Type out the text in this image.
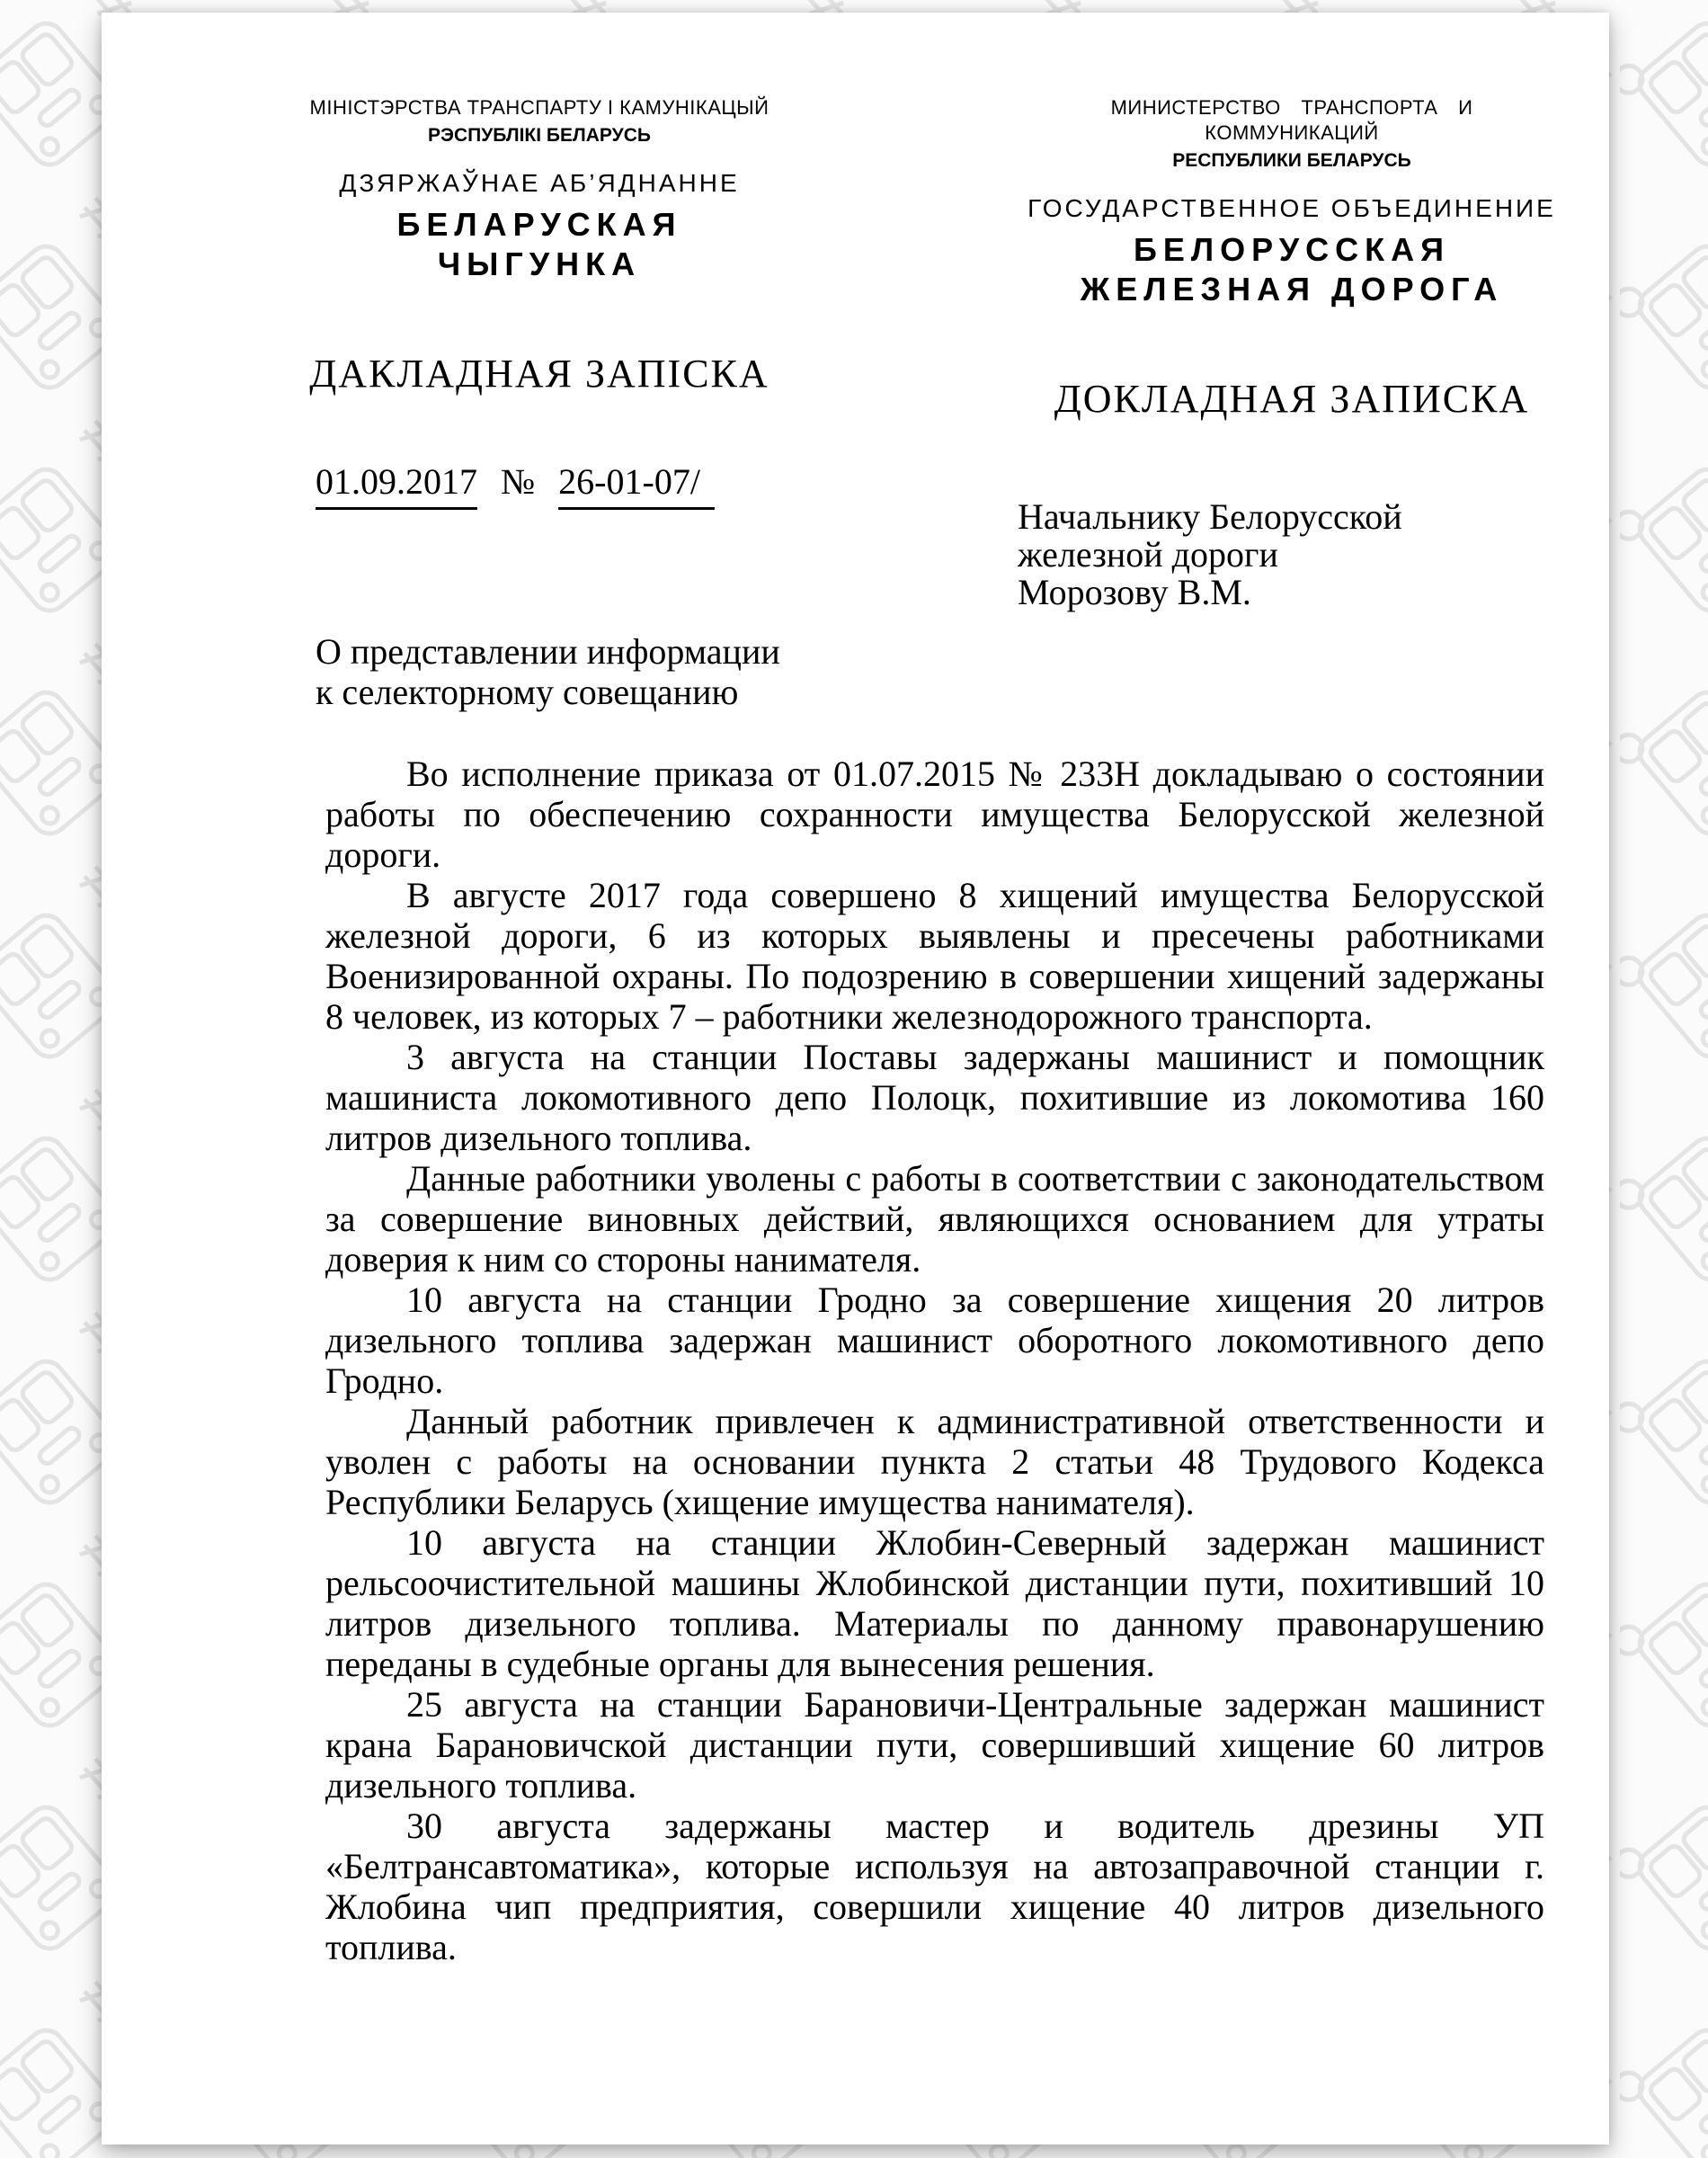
МІНІСТЭРСТВА ТРАНСПАРТУ І КАМУНІКАЦЫЙ
РЭСПУБЛІКІ БЕЛАРУСЬ
ДЗЯРЖАЎНАЕ АБ’ЯДНАННЕ
БЕЛАРУСКАЯ
ЧЫГУНКА
ДАКЛАДНАЯ ЗАПІСКА
МИНИСТЕРСТВО ТРАНСПОРТА И КОММУНИКАЦИЙ
РЕСПУБЛИКИ БЕЛАРУСЬ
ГОСУДАРСТВЕННОЕ ОБЪЕДИНЕНИЕ
БЕЛОРУССКАЯ
ЖЕЛЕЗНАЯ ДОРОГА
ДОКЛАДНАЯ ЗАПИСКА
01.09.2017 № 26-01-07/
Начальнику Белорусской
железной дороги
Морозову В.М.
О представлении информации
к селекторному совещанию

Во исполнение приказа от 01.07.2015 № 233Н докладываю о состоянии работы по обеспечению сохранности имущества Белорусской железной дороги.

В августе 2017 года совершено 8 хищений имущества Белорусской железной дороги, 6 из которых выявлены и пресечены работниками Военизированной охраны. По подозрению в совершении хищений задержаны 8 человек, из которых 7 – работники железнодорожного транспорта.

3 августа на станции Поставы задержаны машинист и помощник машиниста локомотивного депо Полоцк, похитившие из локомотива 160 литров дизельного топлива.

Данные работники уволены с работы в соответствии с законодательством за совершение виновных действий, являющихся основанием для утраты доверия к ним со стороны нанимателя.

10 августа на станции Гродно за совершение хищения 20 литров дизельного топлива задержан машинист оборотного локомотивного депо Гродно.

Данный работник привлечен к административной ответственности и уволен с работы на основании пункта 2 статьи 48 Трудового Кодекса Республики Беларусь (хищение имущества нанимателя).

10 августа на станции Жлобин-Северный задержан машинист рельсоочистительной машины Жлобинской дистанции пути, похитивший 10 литров дизельного топлива. Материалы по данному правонарушению переданы в судебные органы для вынесения решения.

25 августа на станции Барановичи-Центральные задержан машинист крана Барановичской дистанции пути, совершивший хищение 60 литров дизельного топлива.

30 августа задержаны мастер и водитель дрезины УП «Белтрансавтоматика», которые используя на автозаправочной станции г. Жлобина чип предприятия, совершили хищение 40 литров дизельного топлива.
